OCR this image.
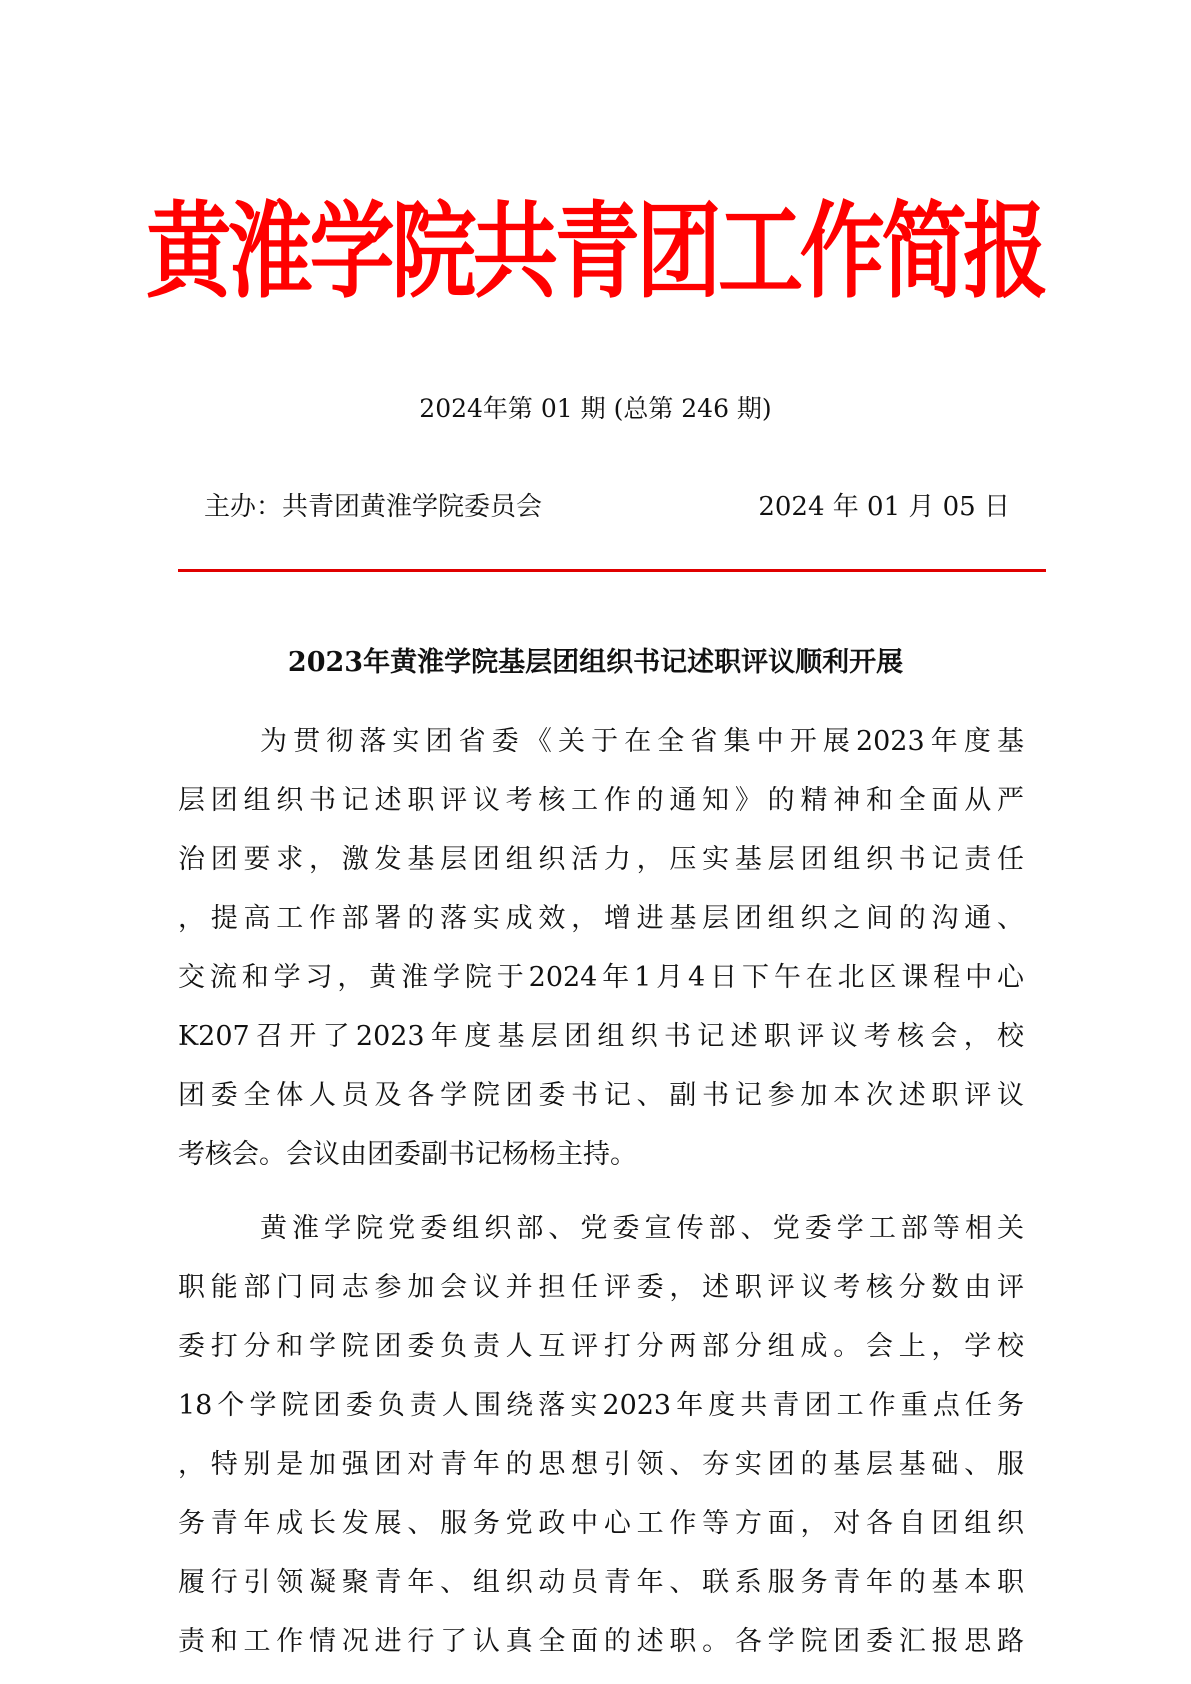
黄淮学院共青团工作简报
2024年第 01 期 (总第 246 期)
主办：共青团黄淮学院委员会	2024 年 01 月 05 日
2023年黄淮学院基层团组织书记述职评议顺利开展
为贯彻落实团省委《关于在全省集中开展2023年度基
层团组织书记述职评议考核工作的通知》的精神和全面从严
治团要求，激发基层团组织活力，压实基层团组织书记责任
，提高工作部署的落实成效，增进基层团组织之间的沟通、
交流和学习，黄淮学院于2024年1月4日下午在北区课程中心
K207召开了2023年度基层团组织书记述职评议考核会，校
团委全体人员及各学院团委书记、副书记参加本次述职评议
考核会。会议由团委副书记杨杨主持。
黄淮学院党委组织部、党委宣传部、党委学工部等相关
职能部门同志参加会议并担任评委，述职评议考核分数由评
委打分和学院团委负责人互评打分两部分组成。会上，学校
18个学院团委负责人围绕落实2023年度共青团工作重点任务
，特别是加强团对青年的思想引领、夯实团的基层基础、服
务青年成长发展、服务党政中心工作等方面，对各自团组织
履行引领凝聚青年、组织动员青年、联系服务青年的基本职
责和工作情况进行了认真全面的述职。各学院团委汇报思路
